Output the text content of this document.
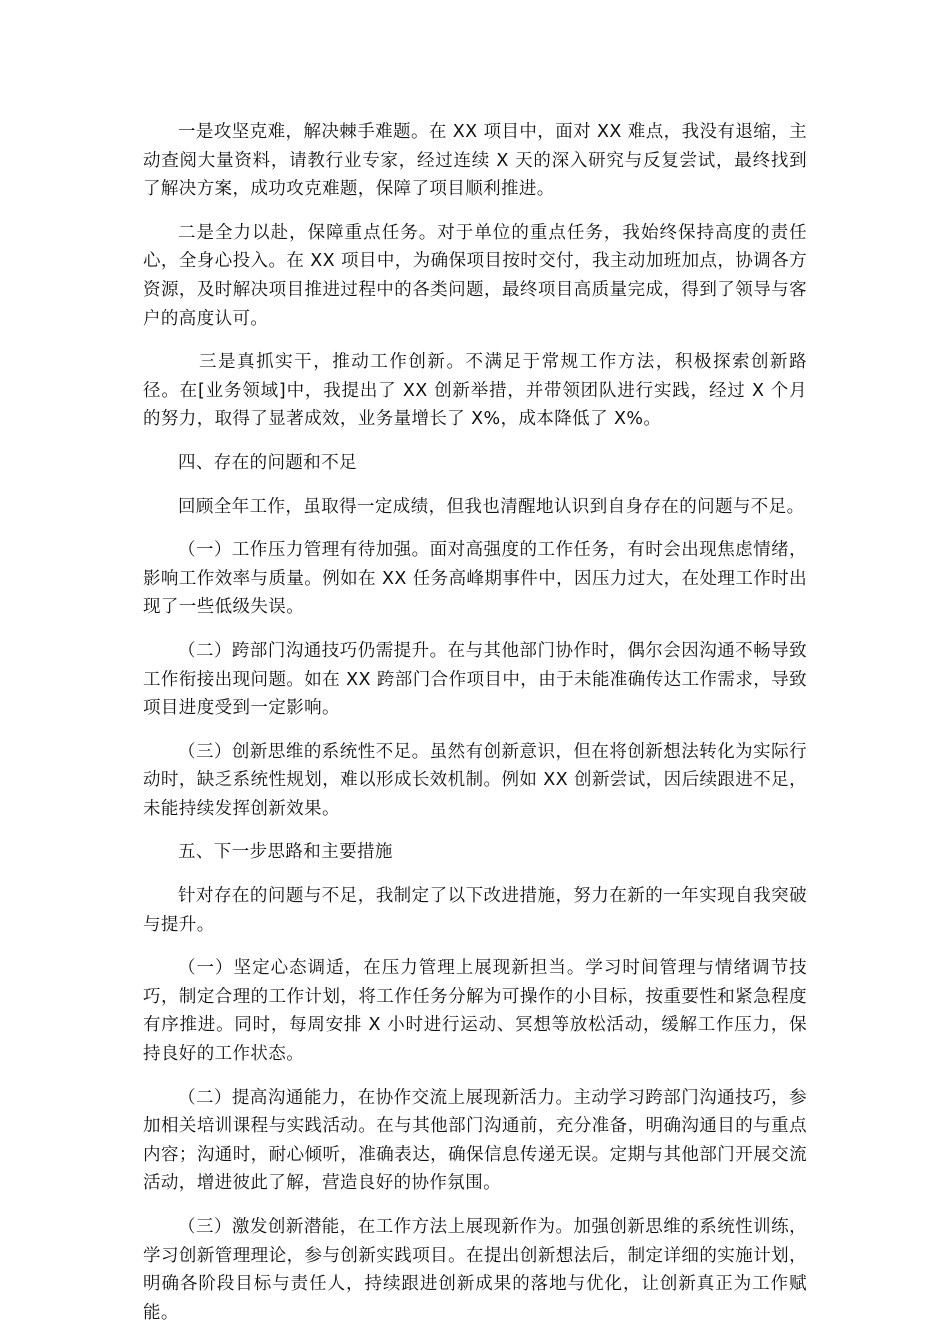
一是攻坚克难，解决棘手难题。在 XX 项目中，面对 XX 难点，我没有退缩，主动查阅大量资料，请教行业专家，经过连续 X 天的深入研究与反复尝试，最终找到了解决方案，成功攻克难题，保障了项目顺利推进。

二是全力以赴，保障重点任务。对于单位的重点任务，我始终保持高度的责任心，全身心投入。在 XX 项目中，为确保项目按时交付，我主动加班加点，协调各方资源，及时解决项目推进过程中的各类问题，最终项目高质量完成，得到了领导与客户的高度认可。

三是真抓实干，推动工作创新。不满足于常规工作方法，积极探索创新路径。在[业务领域]中，我提出了 XX 创新举措，并带领团队进行实践，经过 X 个月的努力，取得了显著成效，业务量增长了 X%，成本降低了 X%。

四、存在的问题和不足

回顾全年工作，虽取得一定成绩，但我也清醒地认识到自身存在的问题与不足。

（一）工作压力管理有待加强。面对高强度的工作任务，有时会出现焦虑情绪，影响工作效率与质量。例如在 XX 任务高峰期事件中，因压力过大，在处理工作时出现了一些低级失误。

（二）跨部门沟通技巧仍需提升。在与其他部门协作时，偶尔会因沟通不畅导致工作衔接出现问题。如在 XX 跨部门合作项目中，由于未能准确传达工作需求，导致项目进度受到一定影响。

（三）创新思维的系统性不足。虽然有创新意识，但在将创新想法转化为实际行动时，缺乏系统性规划，难以形成长效机制。例如 XX 创新尝试，因后续跟进不足，未能持续发挥创新效果。

五、下一步思路和主要措施

针对存在的问题与不足，我制定了以下改进措施，努力在新的一年实现自我突破与提升。

（一）坚定心态调适，在压力管理上展现新担当。学习时间管理与情绪调节技巧，制定合理的工作计划，将工作任务分解为可操作的小目标，按重要性和紧急程度有序推进。同时，每周安排 X 小时进行运动、冥想等放松活动，缓解工作压力，保持良好的工作状态。

（二）提高沟通能力，在协作交流上展现新活力。主动学习跨部门沟通技巧，参加相关培训课程与实践活动。在与其他部门沟通前，充分准备，明确沟通目的与重点内容；沟通时，耐心倾听，准确表达，确保信息传递无误。定期与其他部门开展交流活动，增进彼此了解，营造良好的协作氛围。

（三）激发创新潜能，在工作方法上展现新作为。加强创新思维的系统性训练，学习创新管理理论，参与创新实践项目。在提出创新想法后，制定详细的实施计划，明确各阶段目标与责任人，持续跟进创新成果的落地与优化，让创新真正为工作赋能。
